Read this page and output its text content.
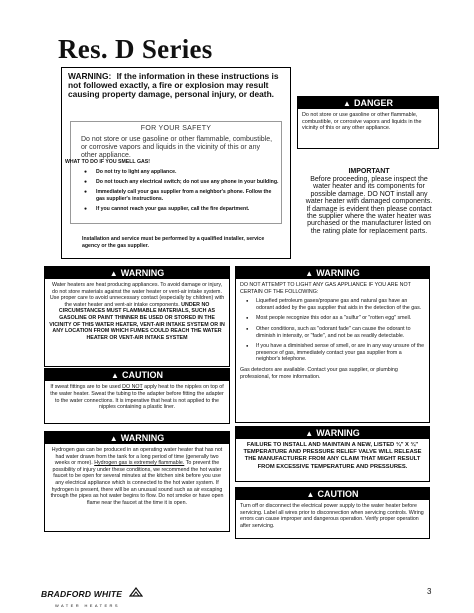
Res. D Series
WARNING: If the information in these instructions is not followed exactly, a fire or explosion may result causing property damage, personal injury, or death.
FOR YOUR SAFETY
Do not store or use gasoline or other flammable, combustible, or corrosive vapors and liquids in the vicinity of this or any other appliance.
WHAT TO DO IF YOU SMELL GAS!
● Do not try to light any appliance.
● Do not touch any electrical switch; do not use any phone in your building.
● Immediately call your gas supplier from a neighbor's phone. Follow the gas supplier's instructions.
● If you cannot reach your gas supplier, call the fire department.
Installation and service must be performed by a qualified installer, service agency or the gas supplier.
▲ DANGER
Do not store or use gasoline or other flammable, combustible, or corrosive vapors and liquids in the vicinity of this or any other appliance.
IMPORTANT
Before proceeding, please inspect the water heater and its components for possible damage. DO NOT install any water heater with damaged components. If damage is evident then please contact the supplier where the water heater was purchased or the manufacturer listed on the rating plate for replacement parts.
▲ WARNING
Water heaters are heat producing appliances. To avoid damage or injury, do not store materials against the water heater or vent-air intake system. Use proper care to avoid unnecessary contact (especially by children) with the water heater and vent-air intake components. UNDER NO CIRCUMSTANCES MUST FLAMMABLE MATERIALS, SUCH AS GASOLINE OR PAINT THINNER BE USED OR STORED IN THE VICINITY OF THIS WATER HEATER, VENT-AIR INTAKE SYSTEM OR IN ANY LOCATION FROM WHICH FUMES COULD REACH THE WATER HEATER OR VENT-AIR INTAKE SYSTEM
▲ CAUTION
If sweat fittings are to be used DO NOT apply heat to the nipples on top of the water heater. Sweat the tubing to the adapter before fitting the adapter to the water connections. It is imperative that heat is not applied to the nipples containing a plastic liner.
▲ WARNING
Hydrogen gas can be produced in an operating water heater that has not had water drawn from the tank for a long period of time (generally two weeks or more). Hydrogen gas is extremely flammable. To prevent the possibility of injury under these conditions, we recommend the hot water faucet to be open for several minutes at the kitchen sink before you use any electrical appliance which is connected to the hot water system. If hydrogen is present, there will be an unusual sound such as air escaping through the pipes as hot water begins to flow. Do not smoke or have open flame near the faucet at the time it is open.
▲ WARNING
DO NOT ATTEMPT TO LIGHT ANY GAS APPLIANCE IF YOU ARE NOT CERTAIN OF THE FOLLOWING:
● Liquefied petroleum gases/propane gas and natural gas have an odorant added by the gas supplier that aids in the detection of the gas.
● Most people recognize this odor as a "sulfur" or "rotten egg" smell.
● Other conditions, such as "odorant fade" can cause the odorant to diminish in intensity, or "fade", and not be as readily detectable.
● If you have a diminished sense of smell, or are in any way unsure of the presence of gas, immediately contact your gas supplier from a neighbor's telephone.
Gas detectors are available. Contact your gas supplier, or plumbing professional, for more information.
▲ WARNING
FAILURE TO INSTALL AND MAINTAIN A NEW, LISTED ¾" X ¾" TEMPERATURE AND PRESSURE RELIEF VALVE WILL RELEASE THE MANUFACTURER FROM ANY CLAIM THAT MIGHT RESULT FROM EXCESSIVE TEMPERATURE AND PRESSURES.
▲ CAUTION
Turn off or disconnect the electrical power supply to the water heater before servicing. Label all wires prior to disconnection when servicing controls. Wiring errors can cause improper and dangerous operation. Verify proper operation after servicing.
BRADFORD WHITE
WATER HEATERS
3
